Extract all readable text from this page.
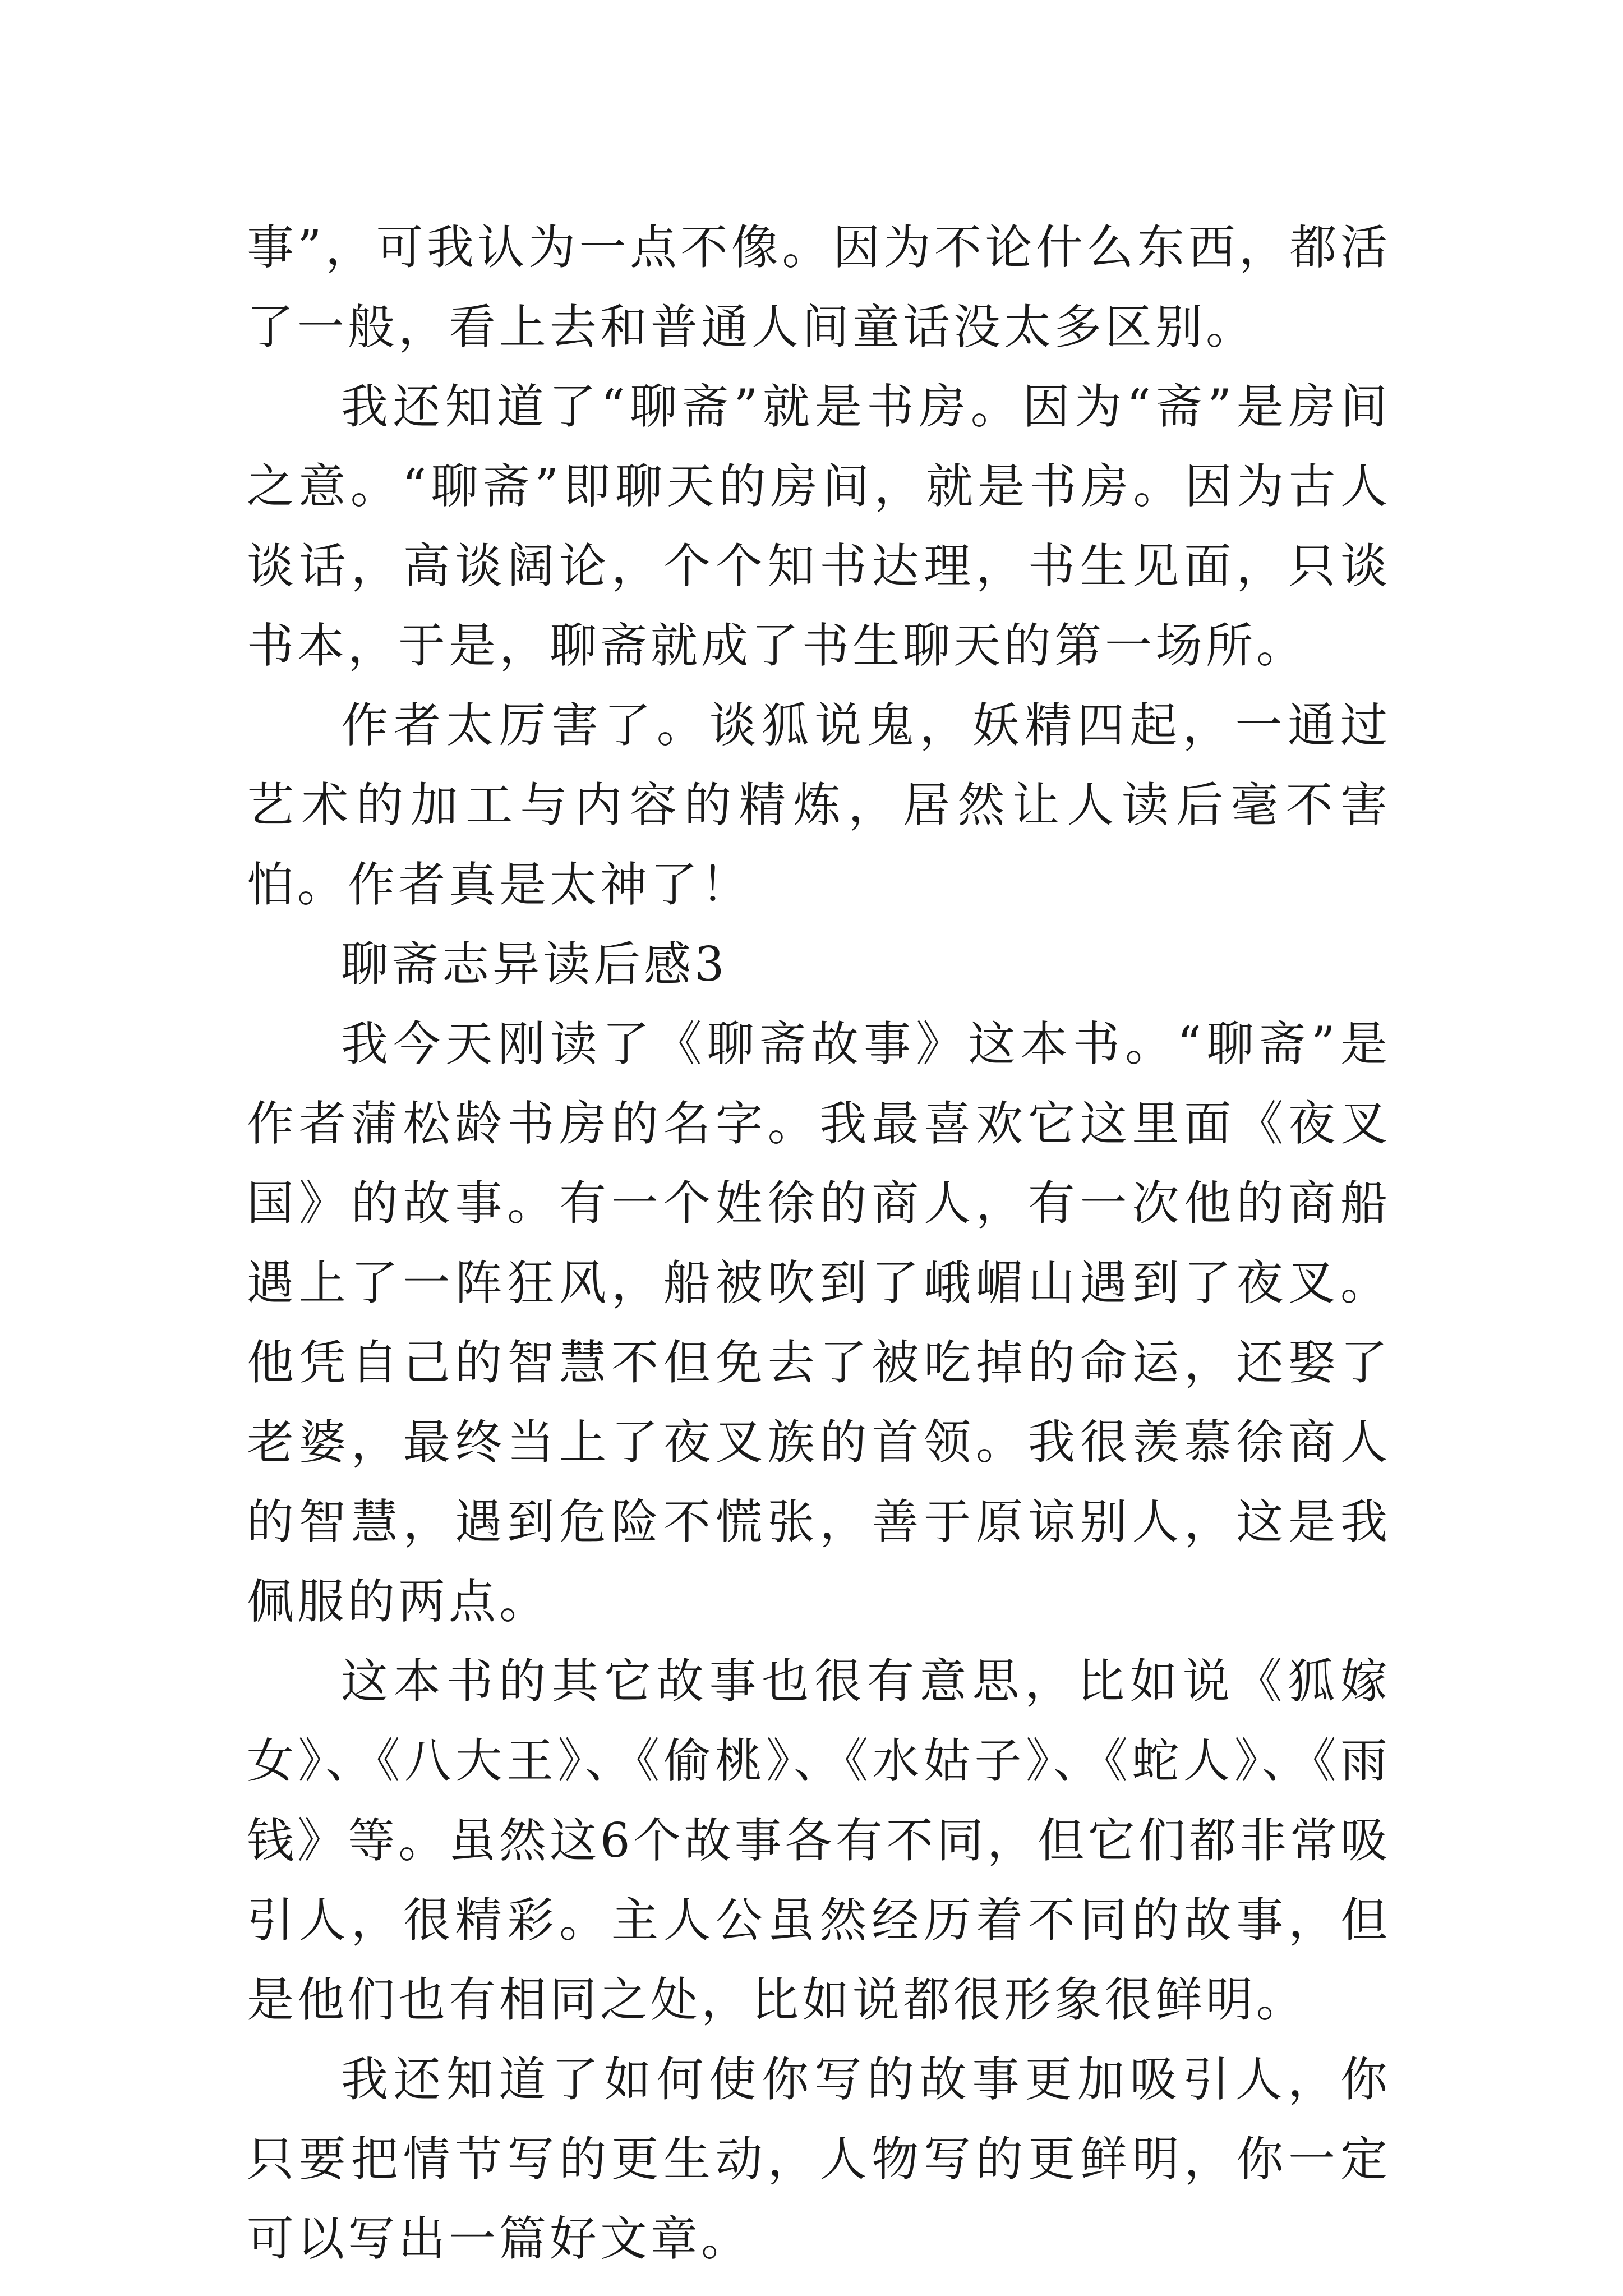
事”，可我认为一点不像。因为不论什么东西，都活了一般，看上去和普通人间童话没太多区别。

我还知道了“聊斋”就是书房。因为“斋”是房间之意。“聊斋”即聊天的房间，就是书房。因为古人谈话，高谈阔论，个个知书达理，书生见面，只谈书本，于是，聊斋就成了书生聊天的第一场所。

作者太厉害了。谈狐说鬼，妖精四起，一通过艺术的加工与内容的精炼，居然让人读后毫不害怕。作者真是太神了！

聊斋志异读后感3

我今天刚读了《聊斋故事》这本书。“聊斋”是作者蒲松龄书房的名字。我最喜欢它这里面《夜叉国》的故事。有一个姓徐的商人，有一次他的商船遇上了一阵狂风，船被吹到了峨嵋山遇到了夜叉。他凭自己的智慧不但免去了被吃掉的命运，还娶了老婆，最终当上了夜叉族的首领。我很羡慕徐商人的智慧，遇到危险不慌张，善于原谅别人，这是我佩服的两点。

这本书的其它故事也很有意思，比如说《狐嫁女》、《八大王》、《偷桃》、《水姑子》、《蛇人》、《雨钱》等。虽然这6个故事各有不同，但它们都非常吸引人，很精彩。主人公虽然经历着不同的故事，但是他们也有相同之处，比如说都很形象很鲜明。

我还知道了如何使你写的故事更加吸引人，你只要把情节写的更生动，人物写的更鲜明，你一定可以写出一篇好文章。
